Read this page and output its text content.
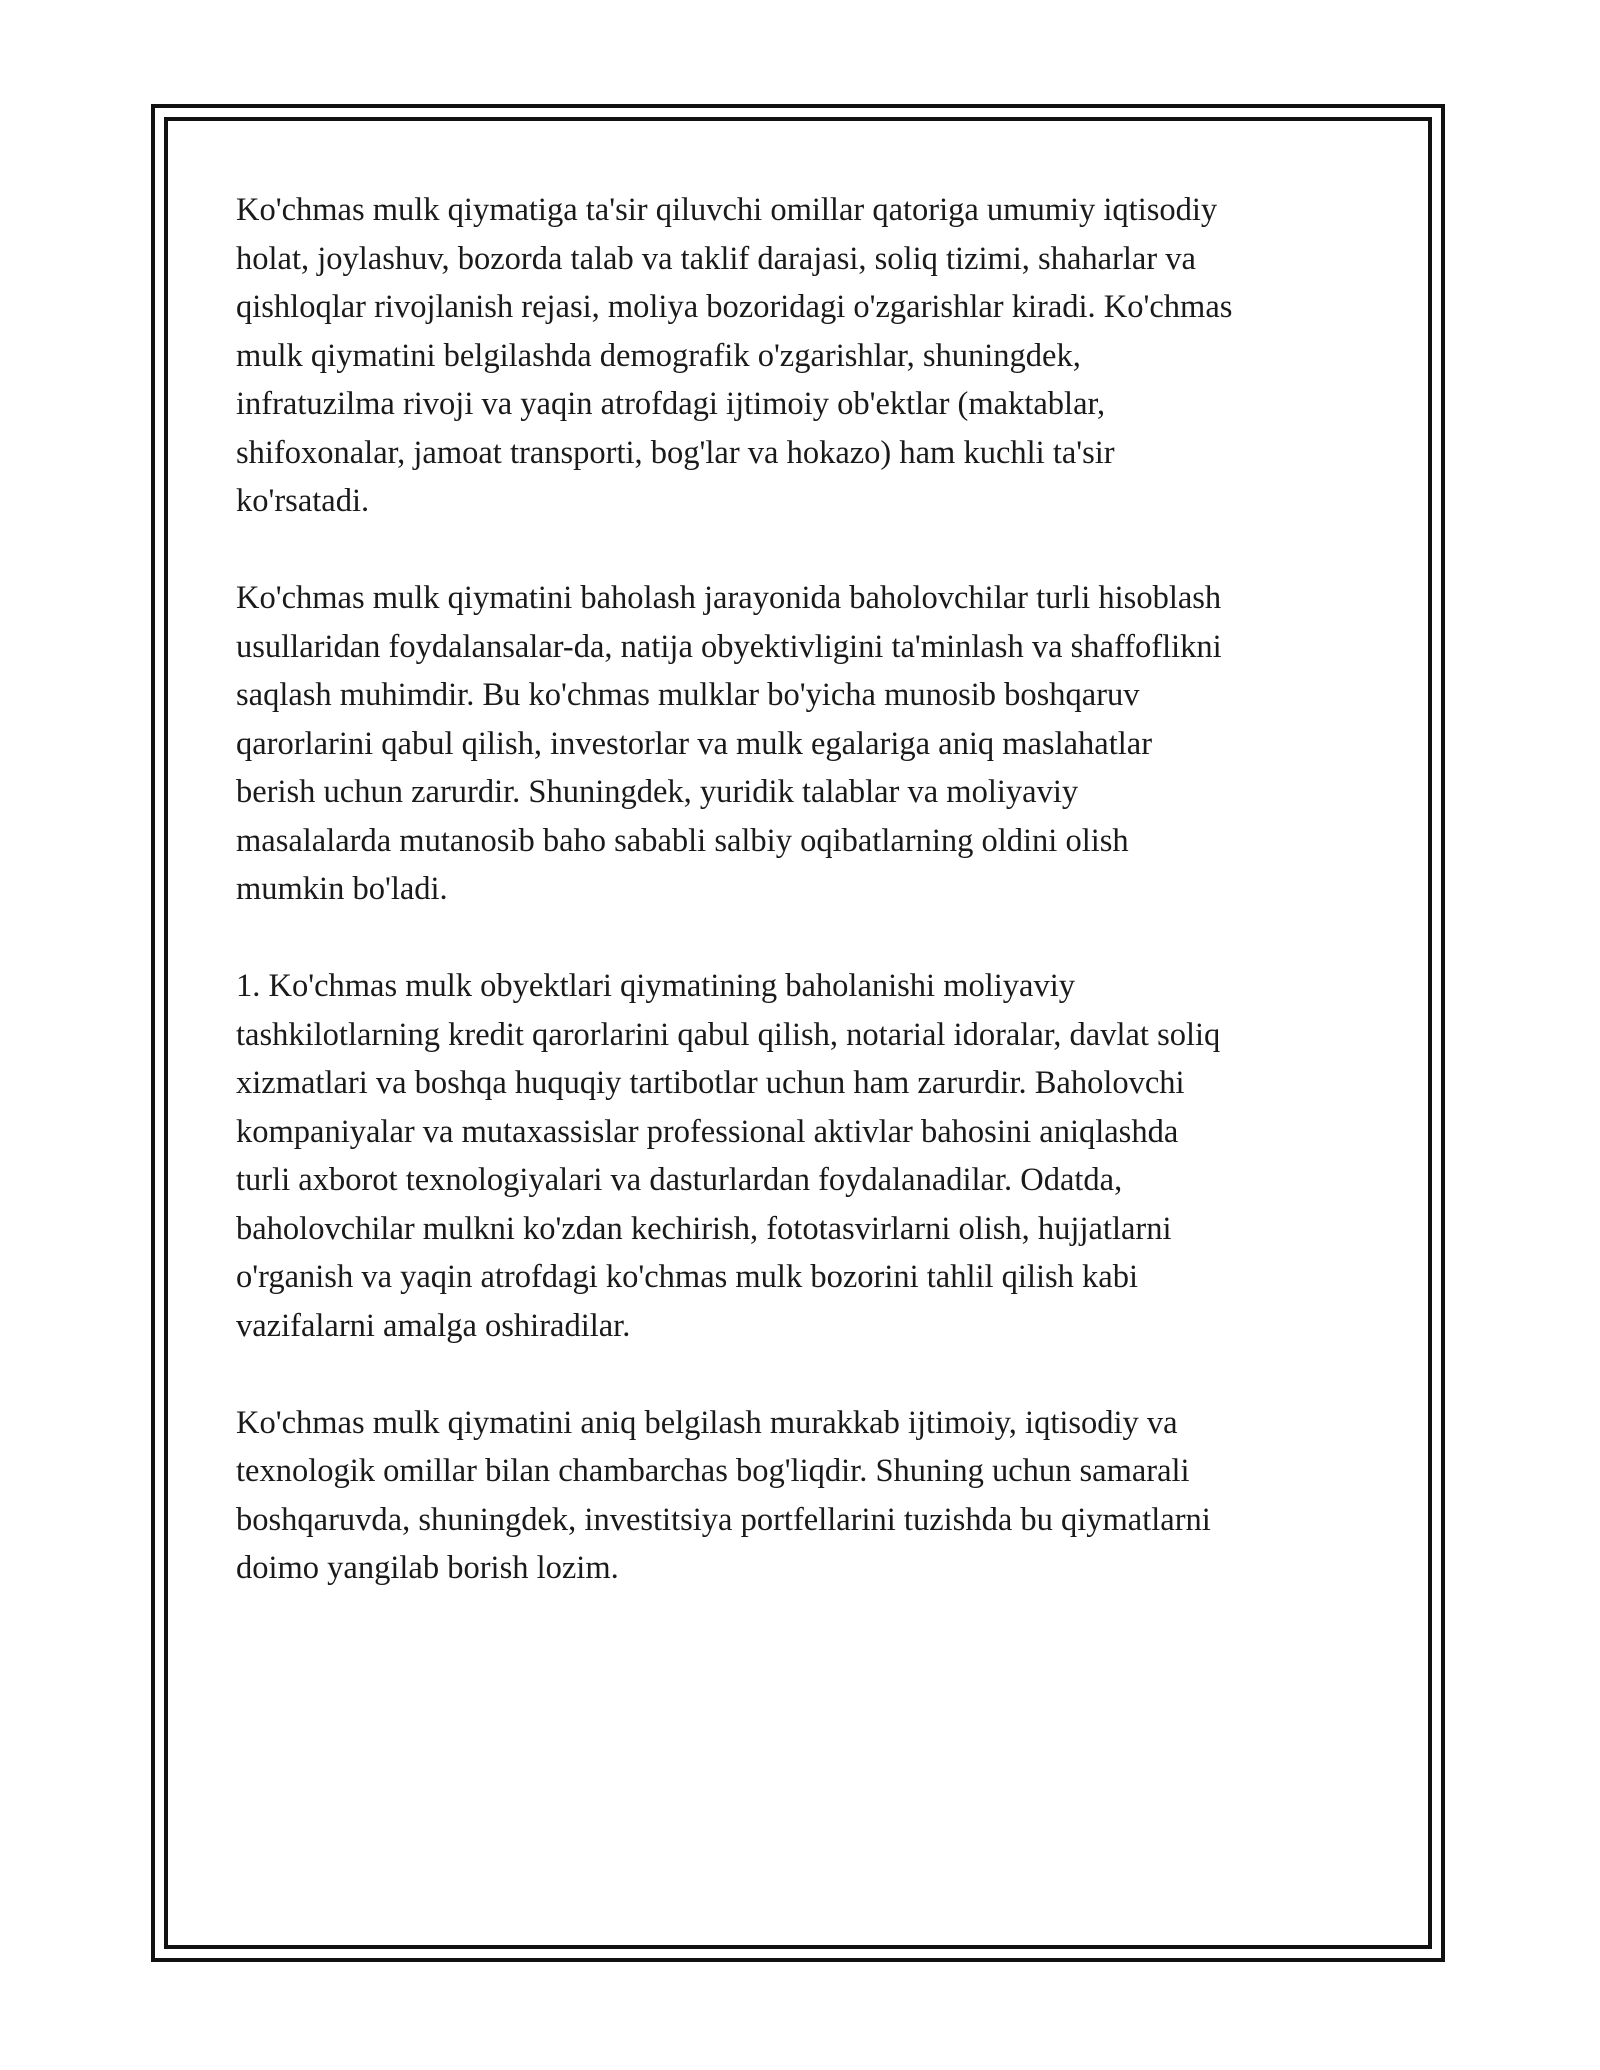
Ko'chmas mulk qiymatiga ta'sir qiluvchi omillar qatoriga umumiy iqtisodiy
holat, joylashuv, bozorda talab va taklif darajasi, soliq tizimi, shaharlar va
qishloqlar rivojlanish rejasi, moliya bozoridagi o'zgarishlar kiradi. Ko'chmas
mulk qiymatini belgilashda demografik o'zgarishlar, shuningdek,
infratuzilma rivoji va yaqin atrofdagi ijtimoiy ob'ektlar (maktablar,
shifoxonalar, jamoat transporti, bog'lar va hokazo) ham kuchli ta'sir
ko'rsatadi.

Ko'chmas mulk qiymatini baholash jarayonida baholovchilar turli hisoblash
usullaridan foydalansalar-da, natija obyektivligini ta'minlash va shaffoflikni
saqlash muhimdir. Bu ko'chmas mulklar bo'yicha munosib boshqaruv
qarorlarini qabul qilish, investorlar va mulk egalariga aniq maslahatlar
berish uchun zarurdir. Shuningdek, yuridik talablar va moliyaviy
masalalarda mutanosib baho sababli salbiy oqibatlarning oldini olish
mumkin bo'ladi.

1. Ko'chmas mulk obyektlari qiymatining baholanishi moliyaviy
tashkilotlarning kredit qarorlarini qabul qilish, notarial idoralar, davlat soliq
xizmatlari va boshqa huquqiy tartibotlar uchun ham zarurdir. Baholovchi
kompaniyalar va mutaxassislar professional aktivlar bahosini aniqlashda
turli axborot texnologiyalari va dasturlardan foydalanadilar. Odatda,
baholovchilar mulkni ko'zdan kechirish, fototasvirlarni olish, hujjatlarni
o'rganish va yaqin atrofdagi ko'chmas mulk bozorini tahlil qilish kabi
vazifalarni amalga oshiradilar.

Ko'chmas mulk qiymatini aniq belgilash murakkab ijtimoiy, iqtisodiy va
texnologik omillar bilan chambarchas bog'liqdir. Shuning uchun samarali
boshqaruvda, shuningdek, investitsiya portfellarini tuzishda bu qiymatlarni
doimo yangilab borish lozim.
